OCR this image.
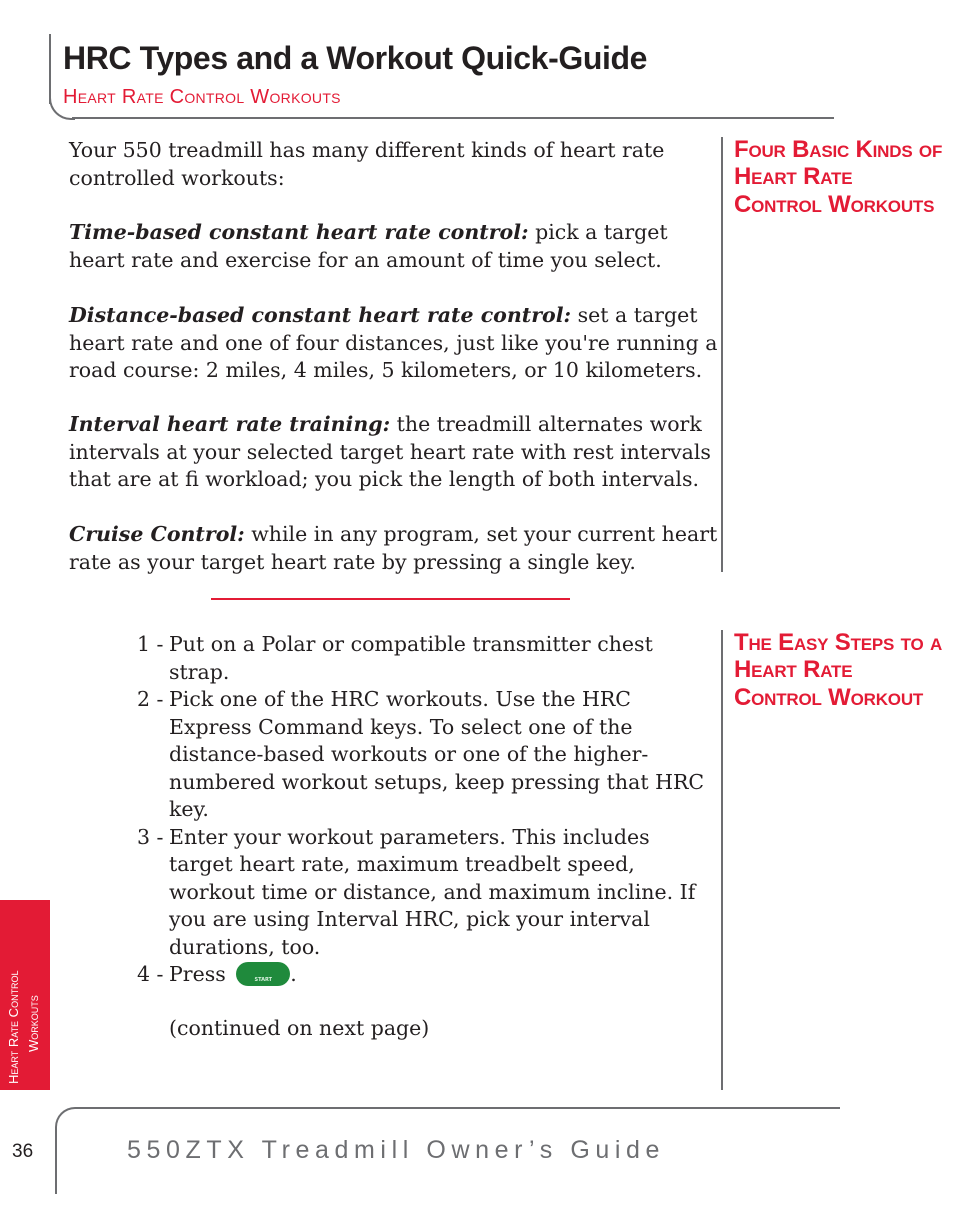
HRC Types and a Workout Quick-Guide

Heart Rate Control Workouts

Your 550 treadmill has many different kinds of heart rate controlled workouts:

Time-based constant heart rate control: pick a target heart rate and exercise for an amount of time you select.

Distance-based constant heart rate control: set a target heart rate and one of four distances, just like you're running a road course: 2 miles, 4 miles, 5 kilometers, or 10 kilometers.

Interval heart rate training: the treadmill alternates work intervals at your selected target heart rate with rest intervals that are at fi workload; you pick the length of both intervals.

Cruise Control: while in any program, set your current heart rate as your target heart rate by pressing a single key.

Four Basic Kinds of Heart Rate Control Workouts
1 - Put on a Polar or compatible transmitter chest strap.
2 - Pick one of the HRC workouts. Use the HRC Express Command keys. To select one of the distance-based workouts or one of the higher-numbered workout setups, keep pressing that HRC key.
3 - Enter your workout parameters. This includes target heart rate, maximum treadbelt speed, workout time or distance, and maximum incline. If you are using Interval HRC, pick your interval durations, too.
4 - Press	START .

(continued on next page)

The Easy Steps to a Heart Rate Control Workout
Heart Rate Control Workouts

36	550ZTX Treadmill Owner’s Guide
